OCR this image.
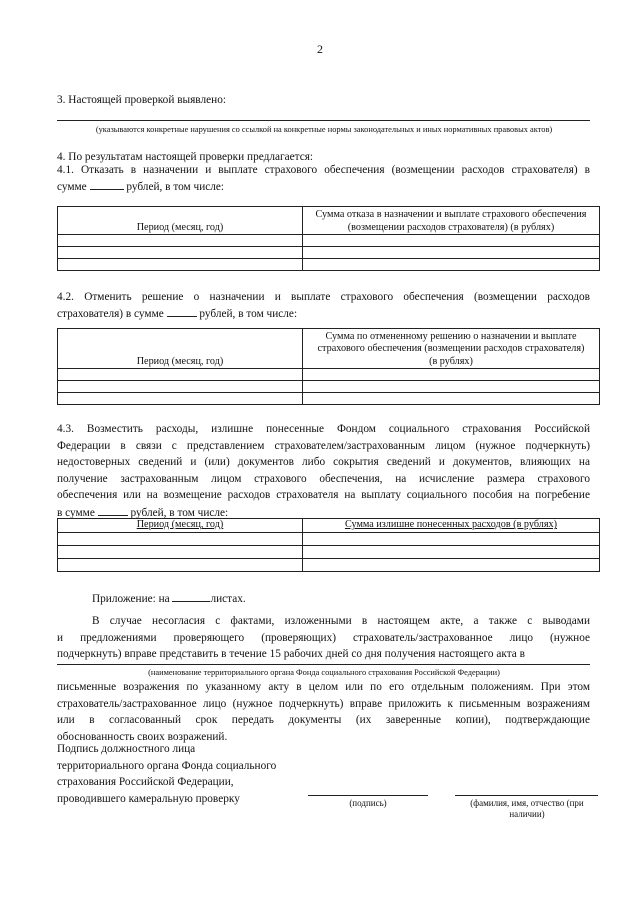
2
3. Настоящей проверкой выявлено:
(указываются конкретные нарушения со ссылкой на конкретные нормы законодательных и иных нормативных правовых актов)
4. По результатам настоящей проверки предлагается:
4.1. Отказать в назначении и выплате страхового обеспечения (возмещении расходов страхователя) в
сумме	рублей, в том числе:
Период (месяц, год)	Сумма отказа в назначении и выплате страхового обеспечения
(возмещении расходов страхователя) (в рублях)

4.2. Отменить решение о назначении и выплате страхового обеспечения (возмещении расходов
страхователя) в сумме	рублей, в том числе:
Период (месяц, год)	Сумма по отмененному решению о назначении и выплате
страхового обеспечения (возмещении расходов страхователя)
(в рублях)

4.3. Возместить расходы, излишне понесенные Фондом социального страхования Российской
Федерации в связи с представлением страхователем/застрахованным лицом (нужное подчеркнуть)
недостоверных сведений и (или) документов либо сокрытия сведений и документов, влияющих на
получение застрахованным лицом страхового обеспечения, на исчисление размера страхового
обеспечения или на возмещение расходов страхователя на выплату социального пособия на погребение
в сумме	рублей, в том числе:
Период (месяц, год)	Сумма излишне понесенных расходов (в рублях)

Приложение: на	листах.
В случае несогласия с фактами, изложенными в настоящем акте, а также с выводами
и предложениями проверяющего (проверяющих) страхователь/застрахованное лицо (нужное
подчеркнуть) вправе представить в течение 15 рабочих дней со дня получения настоящего акта в
(наименование территориального органа Фонда социального страхования Российской Федерации)
письменные возражения по указанному акту в целом или по его отдельным положениям. При этом
страхователь/застрахованное лицо (нужное подчеркнуть) вправе приложить к письменным возражениям
или в согласованный срок передать документы (их заверенные копии), подтверждающие
обоснованность своих возражений.
Подпись должностного лица
территориального органа Фонда социального
страхования Российской Федерации,
проводившего камеральную проверку	(подпись)	(фамилия, имя, отчество (при
наличии)
